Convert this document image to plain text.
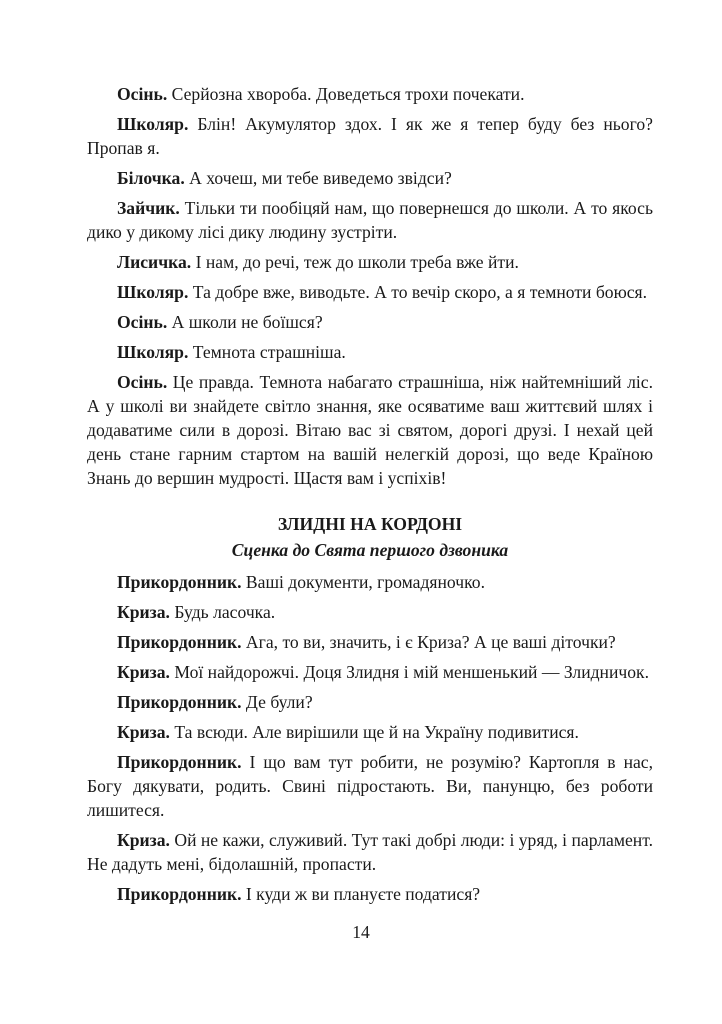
Осінь. Серйозна хвороба. Доведеться трохи почекати.

Школяр. Блін! Акумулятор здох. І як же я тепер буду без нього? Пропав я.

Білочка. А хочеш, ми тебе виведемо звідси?

Зайчик. Тільки ти пообіцяй нам, що повернешся до школи. А то якось дико у дикому лісі дику людину зустріти.

Лисичка. І нам, до речі, теж до школи треба вже йти.

Школяр. Та добре вже, виводьте. А то вечір скоро, а я темноти боюся.

Осінь. А школи не боїшся?

Школяр. Темнота страшніша.

Осінь. Це правда. Темнота набагато страшніша, ніж найтемніший ліс. А у школі ви знайдете світло знання, яке осяватиме ваш життєвий шлях і додаватиме сили в дорозі. Вітаю вас зі святом, дорогі друзі. І нехай цей день стане гарним стартом на вашій нелегкій дорозі, що веде Країною Знань до вершин мудрості. Щастя вам і успіхів!

ЗЛИДНІ НА КОРДОНІ
Сценка до Свята першого дзвоника

Прикордонник. Ваші документи, громадяночко.

Криза. Будь ласочка.

Прикордонник. Ага, то ви, значить, і є Криза? А це ваші діточки?

Криза. Мої найдорожчі. Доця Злидня і мій меншенький — Злидничок.

Прикордонник. Де були?

Криза. Та всюди. Але вирішили ще й на Україну подивитися.

Прикордонник. І що вам тут робити, не розумію? Картопля в нас, Богу дякувати, родить. Свині підростають. Ви, панунцю, без роботи лишитеся.

Криза. Ой не кажи, служивий. Тут такі добрі люди: і уряд, і парламент. Не дадуть мені, бідолашній, пропасти.

Прикордонник. І куди ж ви плануєте податися?

14
